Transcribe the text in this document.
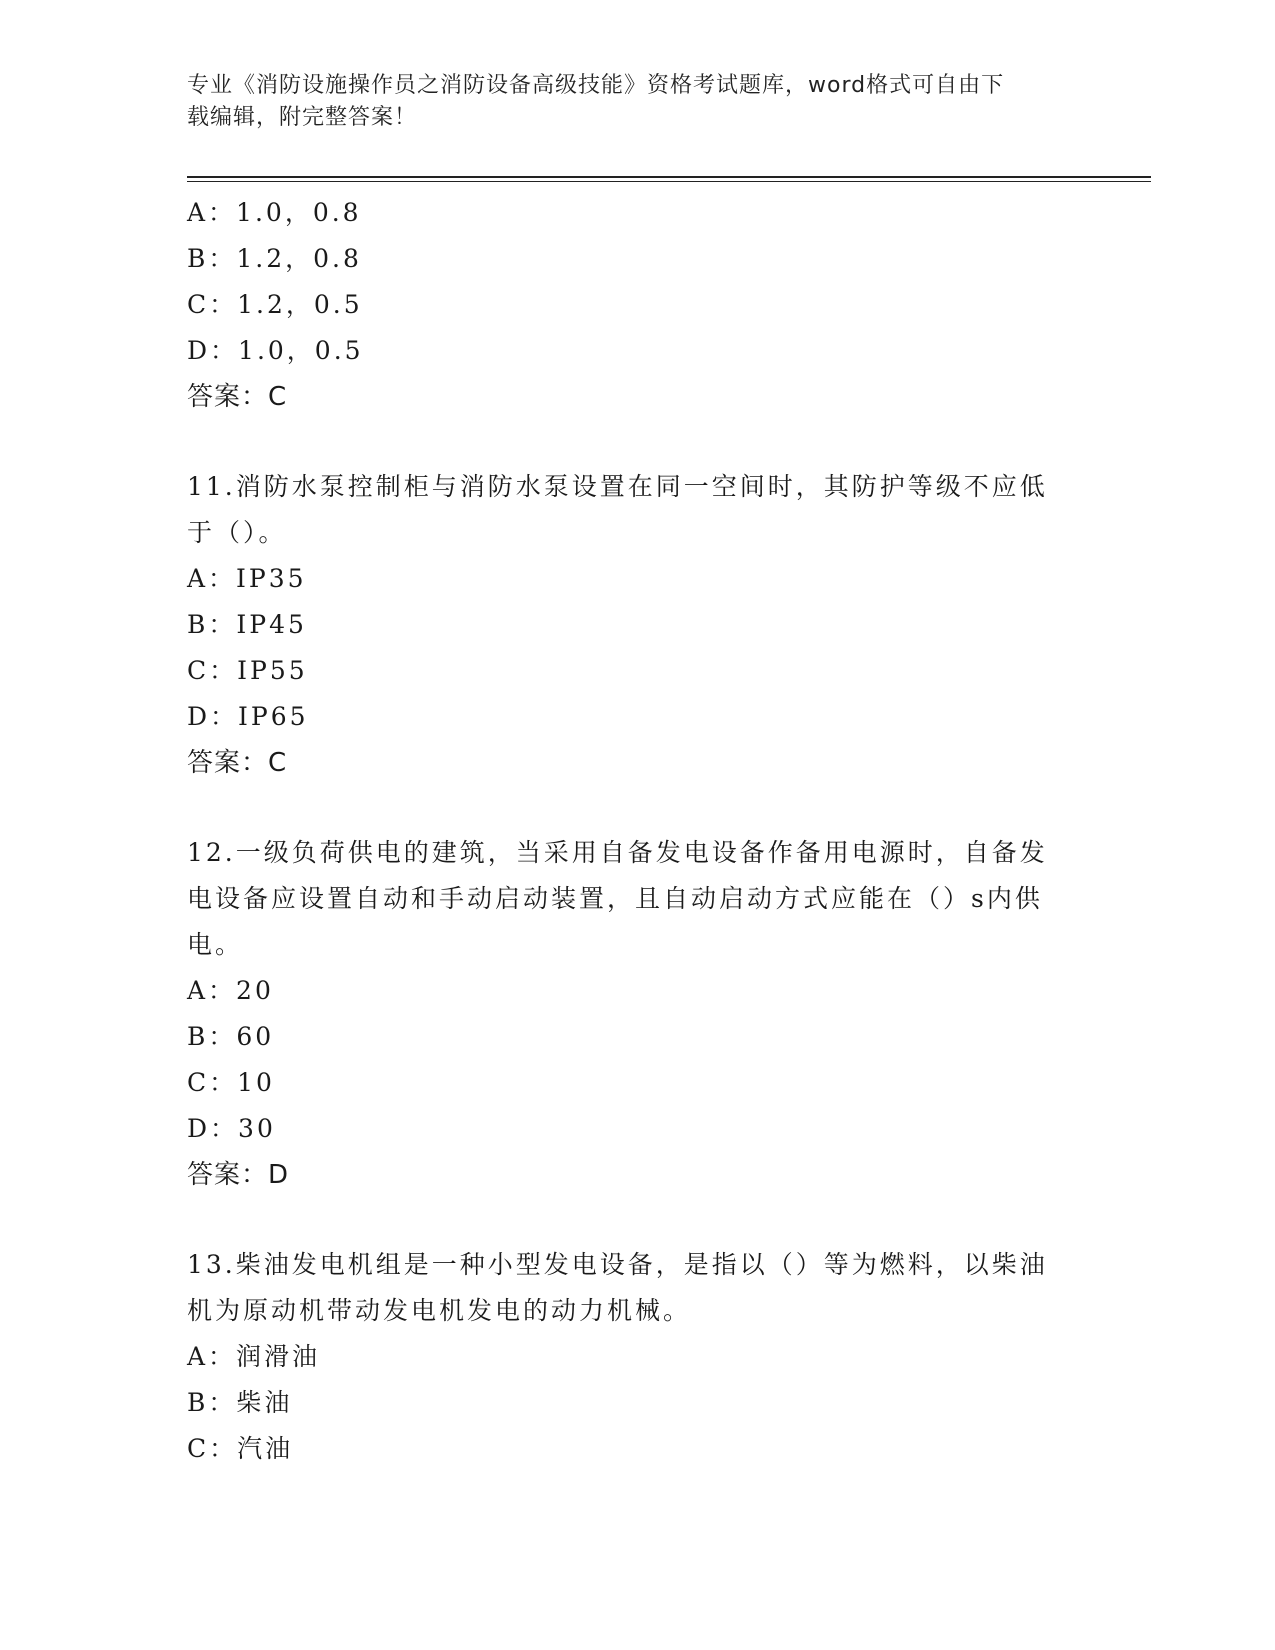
专业《消防设施操作员之消防设备高级技能》资格考试题库，word格式可自由下
载编辑，附完整答案！
A：1.0，0.8
B：1.2，0.8
C：1.2，0.5
D：1.0，0.5
答案：C
11.消防水泵控制柜与消防水泵设置在同一空间时，其防护等级不应低
于（）。
A：IP35
B：IP45
C：IP55
D：IP65
答案：C
12.一级负荷供电的建筑，当采用自备发电设备作备用电源时，自备发
电设备应设置自动和手动启动装置，且自动启动方式应能在（）s内供
电。
A：20
B：60
C：10
D：30
答案：D
13.柴油发电机组是一种小型发电设备，是指以（）等为燃料，以柴油
机为原动机带动发电机发电的动力机械。
A：润滑油
B：柴油
C：汽油
